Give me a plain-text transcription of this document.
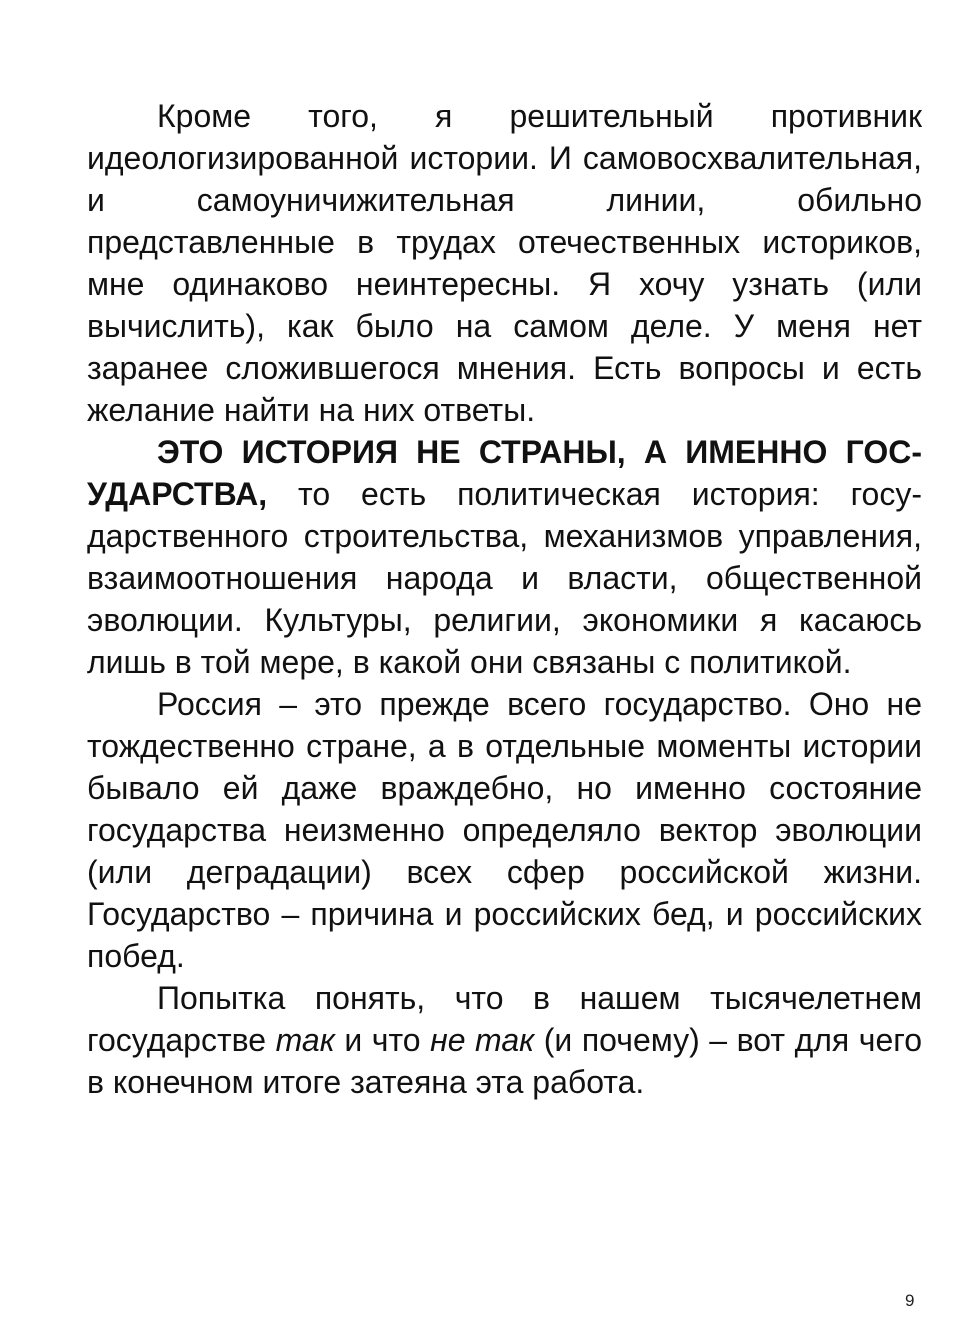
Кроме того, я решительный противник идеологизированной истории. И самовосхвалительная, и самоуничижительная линии, обильно представленные в трудах отечественных историков, мне одинаково неинтересны. Я хочу узнать (или вычислить), как было на самом деле. У меня нет заранее сложившегося мнения. Есть вопросы и есть желание найти на них ответы.

ЭТО ИСТОРИЯ НЕ СТРАНЫ, А ИМЕННО ГОСУДАРСТВА, то есть политическая история: государственного строительства, механизмов управления, взаимоотношения народа и власти, общественной эволюции. Культуры, религии, экономики я касаюсь лишь в той мере, в какой они связаны с политикой.

Россия – это прежде всего государство. Оно не тождественно стране, а в отдельные моменты истории бывало ей даже враждебно, но именно состояние государства неизменно определяло вектор эволюции (или деградации) всех сфер российской жизни. Государство – причина и российских бед, и российских побед.

Попытка понять, что в нашем тысячелетнем государстве так и что не так (и почему) – вот для чего в конечном итоге затеяна эта работа.

9
